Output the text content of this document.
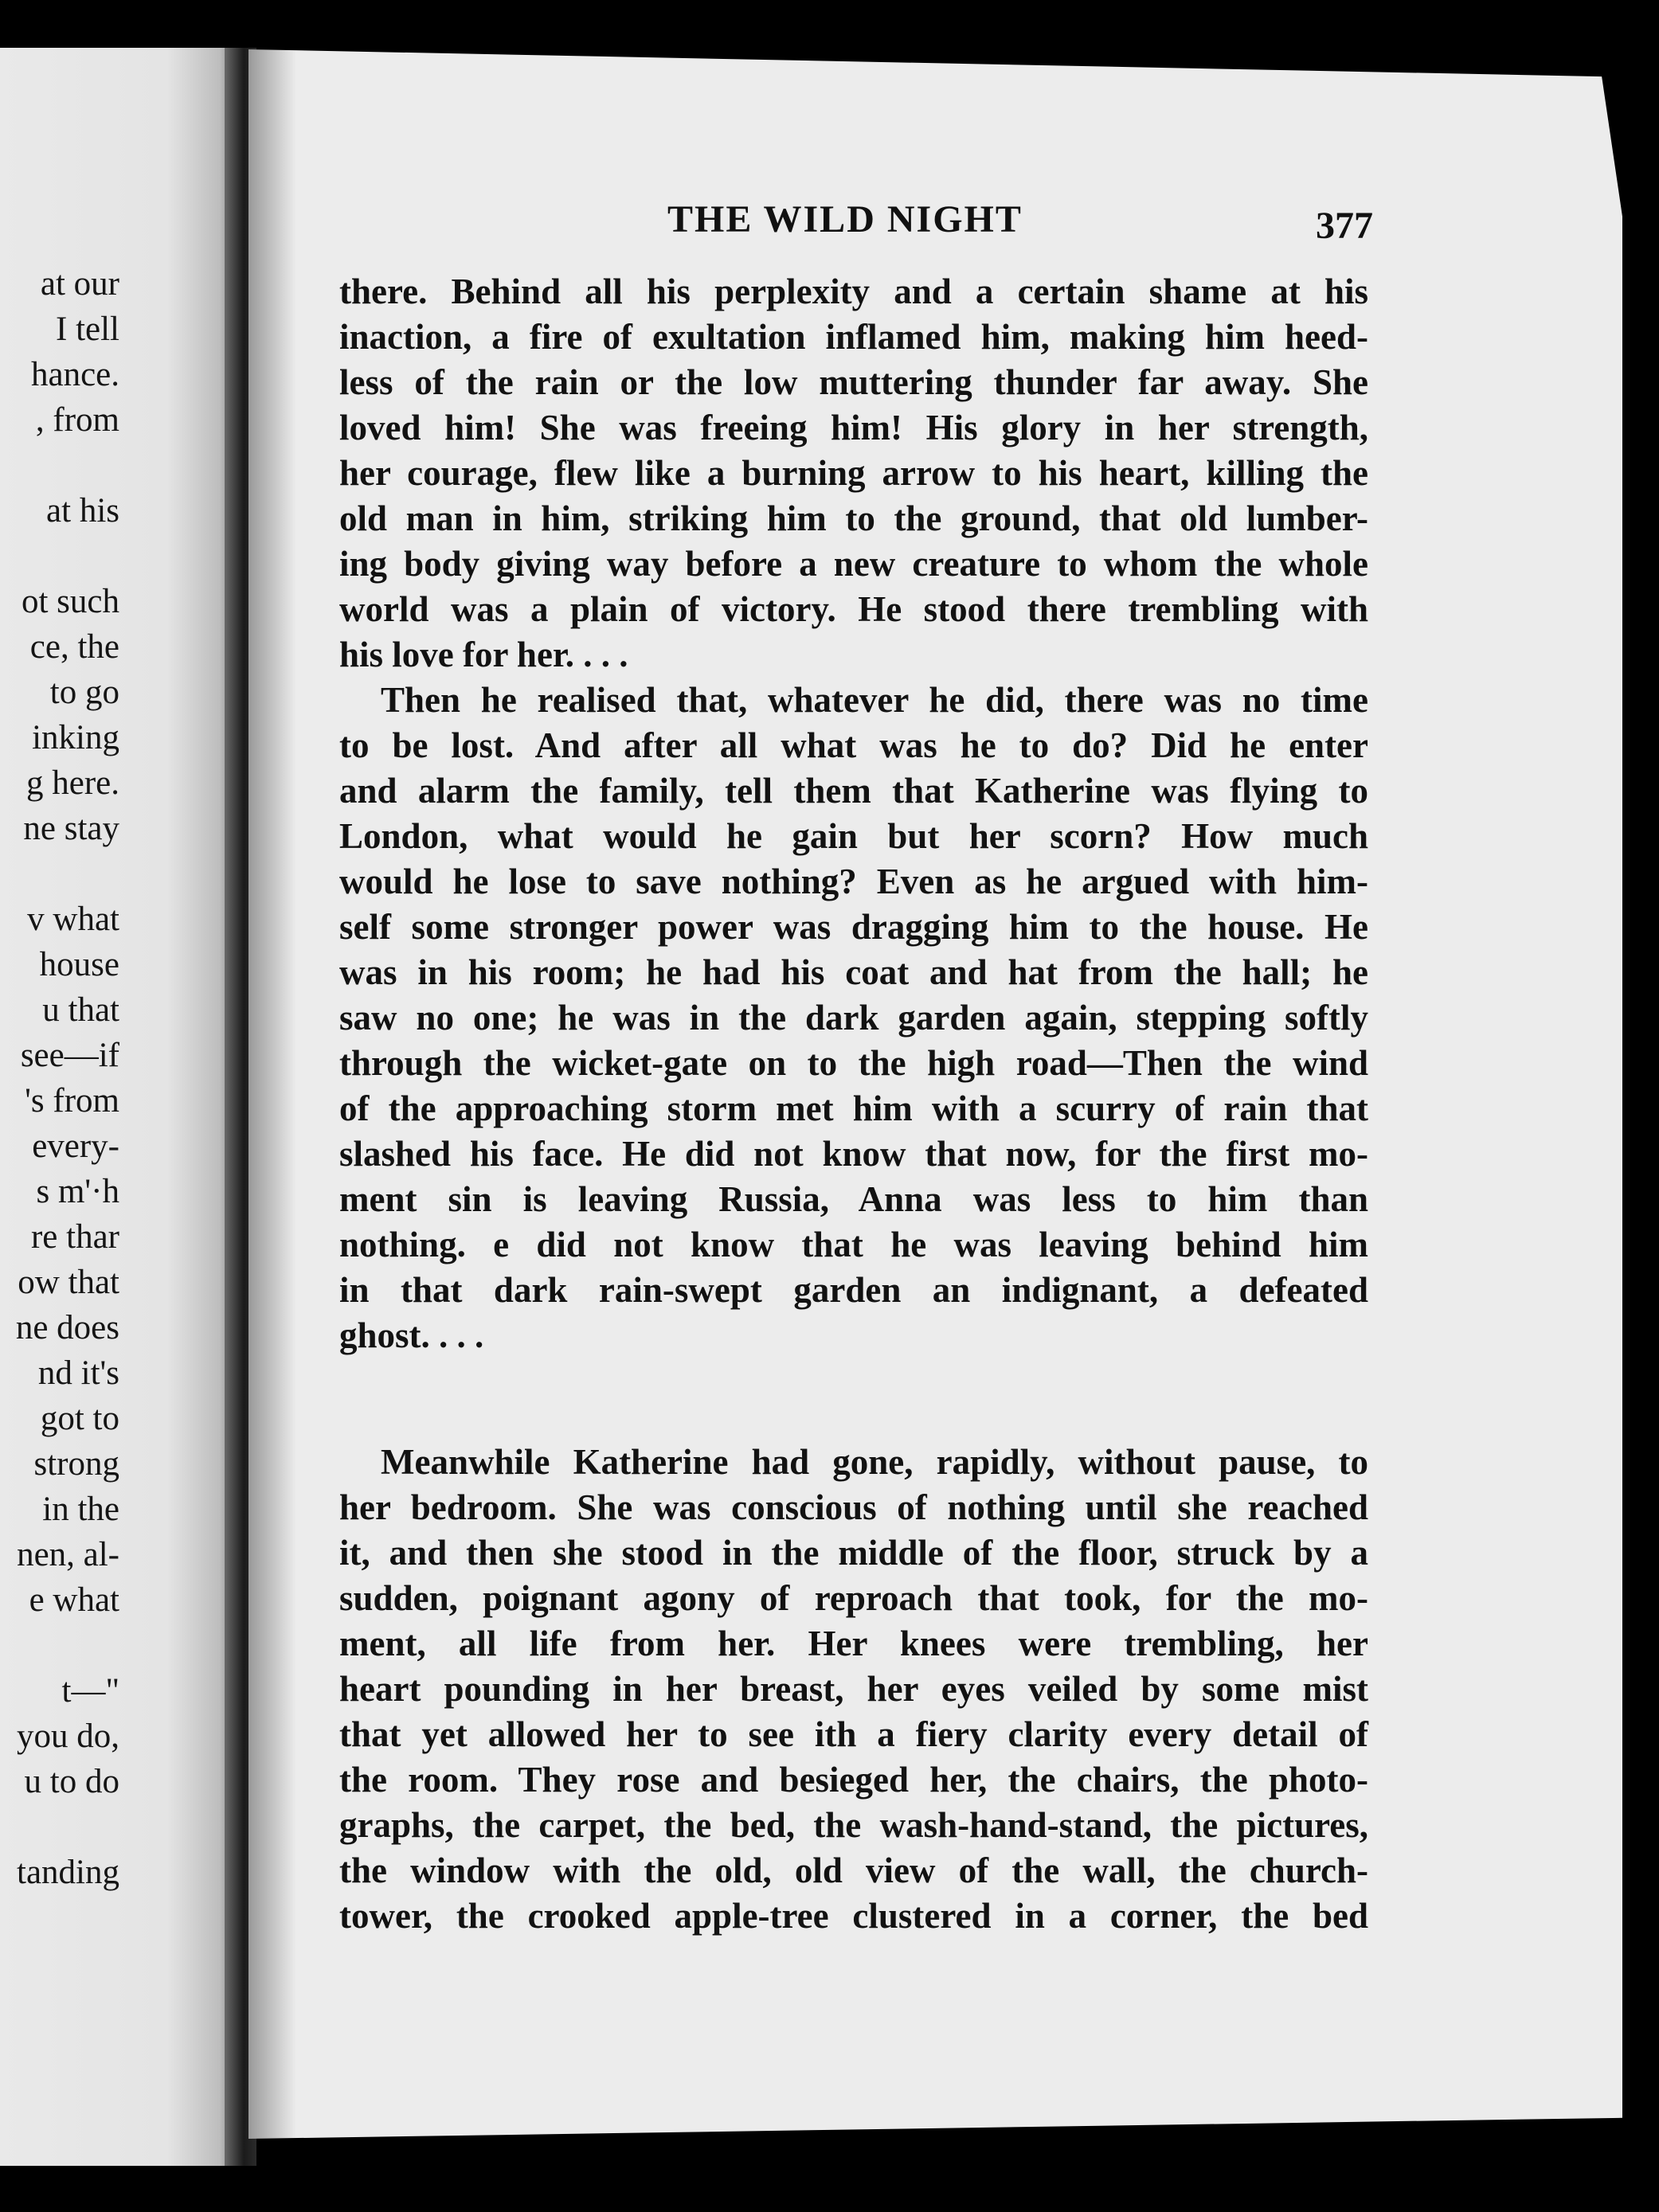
at our
I tell
hance.
, from
at his
ot such
ce, the
to go
inking
g here.
ne stay
v what
house
u that
see—if
's from
every-
s m'·h
re thar
ow that
ne does
nd it's
got to
strong
in the
nen, al-
e what
t—"
you do,
u to do
tanding
THE WILD NIGHT	377
there. Behind all his perplexity and a certain shame at his
inaction, a fire of exultation inflamed him, making him heed-
less of the rain or the low muttering thunder far away. She
loved him! She was freeing him! His glory in her strength,
her courage, flew like a burning arrow to his heart, killing the
old man in him, striking him to the ground, that old lumber-
ing body giving way before a new creature to whom the whole
world was a plain of victory. He stood there trembling with
his love for her. . . .
Then he realised that, whatever he did, there was no time
to be lost. And after all what was he to do? Did he enter
and alarm the family, tell them that Katherine was flying to
London, what would he gain but her scorn? How much
would he lose to save nothing? Even as he argued with him-
self some stronger power was dragging him to the house. He
was in his room; he had his coat and hat from the hall; he
saw no one; he was in the dark garden again, stepping softly
through the wicket-gate on to the high road—Then the wind
of the approaching storm met him with a scurry of rain that
slashed his face. He did not know that now, for the first mo-
ment sin is leaving Russia, Anna was less to him than
nothing. e did not know that he was leaving behind him
in that dark rain-swept garden an indignant, a defeated
ghost. . . .
Meanwhile Katherine had gone, rapidly, without pause, to
her bedroom. She was conscious of nothing until she reached
it, and then she stood in the middle of the floor, struck by a
sudden, poignant agony of reproach that took, for the mo-
ment, all life from her. Her knees were trembling, her
heart pounding in her breast, her eyes veiled by some mist
that yet allowed her to see ith a fiery clarity every detail of
the room. They rose and besieged her, the chairs, the photo-
graphs, the carpet, the bed, the wash-hand-stand, the pictures,
the window with the old, old view of the wall, the church-
tower, the crooked apple-tree clustered in a corner, the bed
